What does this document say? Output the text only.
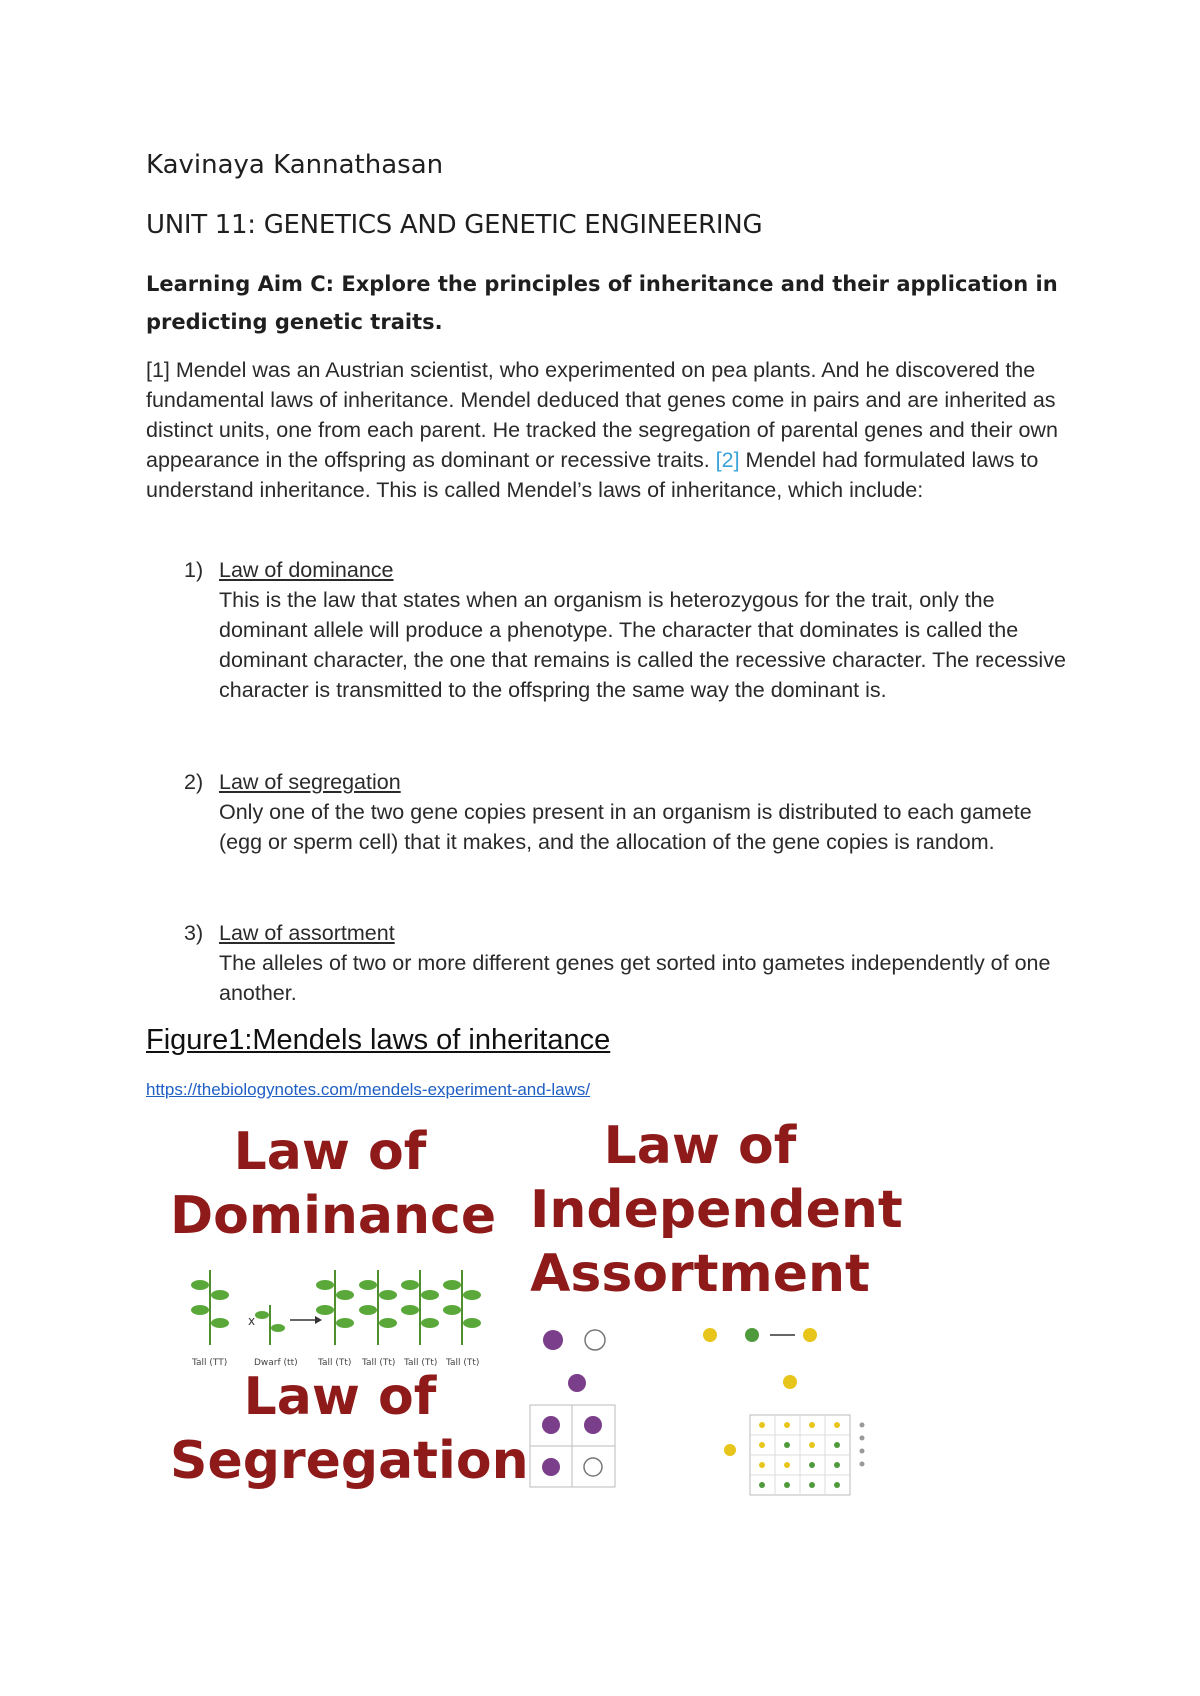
Kavinaya Kannathasan
UNIT 11: GENETICS AND GENETIC ENGINEERING
Learning Aim C: Explore the principles of inheritance and their application in
predicting genetic traits.
[1] Mendel was an Austrian scientist, who experimented on pea plants. And he discovered the fundamental laws of inheritance. Mendel deduced that genes come in pairs and are inherited as distinct units, one from each parent. He tracked the segregation of parental genes and their own appearance in the offspring as dominant or recessive traits. [2] Mendel had formulated laws to understand inheritance. This is called Mendel’s laws of inheritance, which include:
1) Law of dominance
This is the law that states when an organism is heterozygous for the trait, only the dominant allele will produce a phenotype. The character that dominates is called the dominant character, the one that remains is called the recessive character. The recessive character is transmitted to the offspring the same way the dominant is.
2) Law of segregation
Only one of the two gene copies present in an organism is distributed to each gamete (egg or sperm cell) that it makes, and the allocation of the gene copies is random.
3) Law of assortment
The alleles of two or more different genes get sorted into gametes independently of one another.
Figure1:Mendels laws of inheritance
https://thebiologynotes.com/mendels-experiment-and-laws/
Law of
Dominance
x
Tall (TT)	Dwarf (tt) Tall (Tt) Tall (Tt) Tall (Tt) Tall (Tt)
Law of
Segregation
Law of
Independent
Assortment
